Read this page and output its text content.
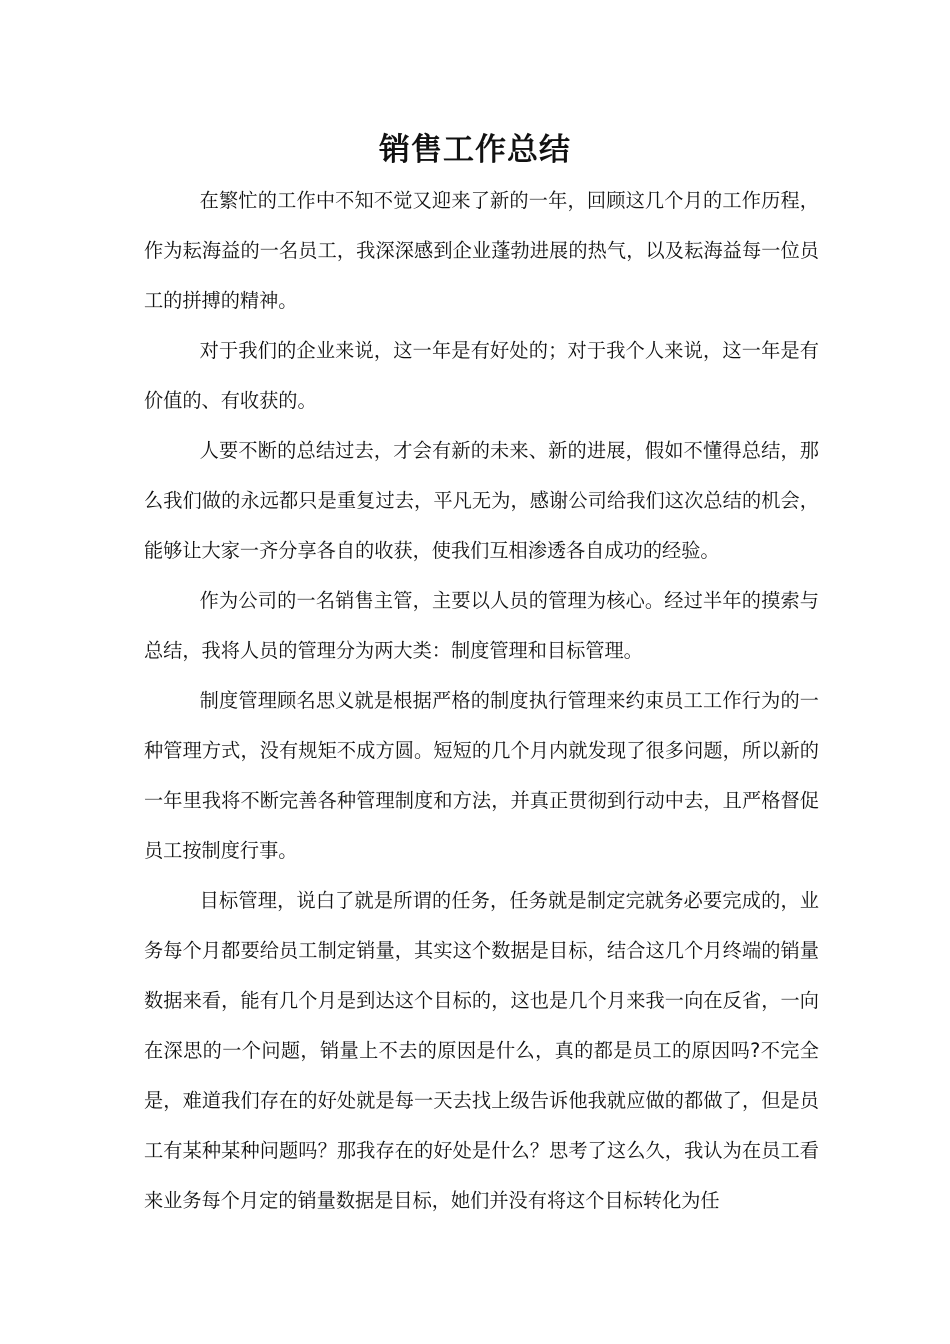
销售工作总结

在繁忙的工作中不知不觉又迎来了新的一年，回顾这几个月的工作历程，作为耘海益的一名员工，我深深感到企业蓬勃进展的热气，以及耘海益每一位员工的拼搏的精神。

对于我们的企业来说，这一年是有好处的；对于我个人来说，这一年是有价值的、有收获的。

人要不断的总结过去，才会有新的未来、新的进展，假如不懂得总结，那么我们做的永远都只是重复过去，平凡无为，感谢公司给我们这次总结的机会，能够让大家一齐分享各自的收获，使我们互相渗透各自成功的经验。

作为公司的一名销售主管，主要以人员的管理为核心。经过半年的摸索与总结，我将人员的管理分为两大类：制度管理和目标管理。

制度管理顾名思义就是根据严格的制度执行管理来约束员工工作行为的一种管理方式，没有规矩不成方圆。短短的几个月内就发现了很多问题，所以新的一年里我将不断完善各种管理制度和方法，并真正贯彻到行动中去，且严格督促员工按制度行事。

目标管理，说白了就是所谓的任务，任务就是制定完就务必要完成的，业务每个月都要给员工制定销量，其实这个数据是目标，结合这几个月终端的销量数据来看，能有几个月是到达这个目标的，这也是几个月来我一向在反省，一向在深思的一个问题，销量上不去的原因是什么，真的都是员工的原因吗?不完全是，难道我们存在的好处就是每一天去找上级告诉他我就应做的都做了，但是员工有某种某种问题吗？那我存在的好处是什么？思考了这么久，我认为在员工看来业务每个月定的销量数据是目标，她们并没有将这个目标转化为任
